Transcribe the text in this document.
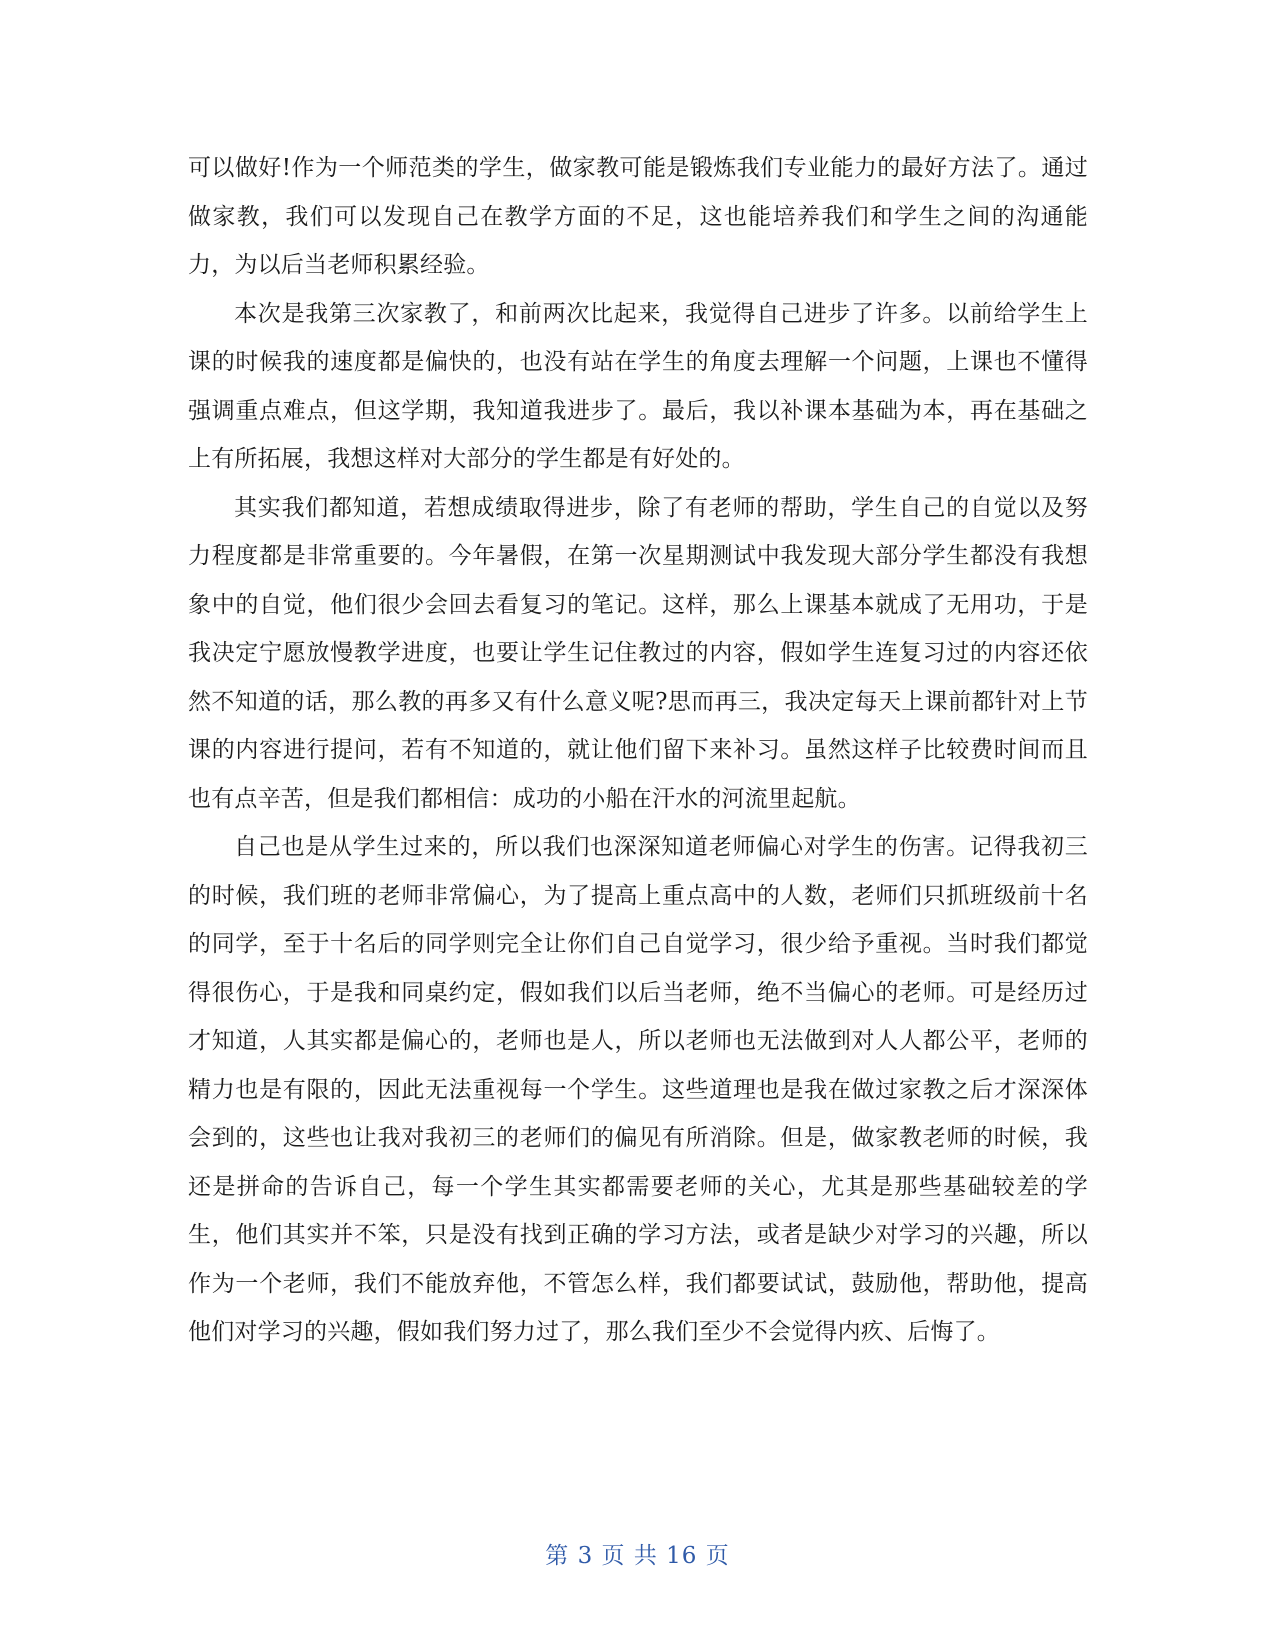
可以做好!作为一个师范类的学生，做家教可能是锻炼我们专业能力的最好方法了。通过做家教，我们可以发现自己在教学方面的不足，这也能培养我们和学生之间的沟通能力，为以后当老师积累经验。

本次是我第三次家教了，和前两次比起来，我觉得自己进步了许多。以前给学生上课的时候我的速度都是偏快的，也没有站在学生的角度去理解一个问题，上课也不懂得强调重点难点，但这学期，我知道我进步了。最后，我以补课本基础为本，再在基础之上有所拓展，我想这样对大部分的学生都是有好处的。

其实我们都知道，若想成绩取得进步，除了有老师的帮助，学生自己的自觉以及努力程度都是非常重要的。今年暑假，在第一次星期测试中我发现大部分学生都没有我想象中的自觉，他们很少会回去看复习的笔记。这样，那么上课基本就成了无用功，于是我决定宁愿放慢教学进度，也要让学生记住教过的内容，假如学生连复习过的内容还依然不知道的话，那么教的再多又有什么意义呢?思而再三，我决定每天上课前都针对上节课的内容进行提问，若有不知道的，就让他们留下来补习。虽然这样子比较费时间而且也有点辛苦，但是我们都相信：成功的小船在汗水的河流里起航。

自己也是从学生过来的，所以我们也深深知道老师偏心对学生的伤害。记得我初三的时候，我们班的老师非常偏心，为了提高上重点高中的人数，老师们只抓班级前十名的同学，至于十名后的同学则完全让你们自己自觉学习，很少给予重视。当时我们都觉得很伤心，于是我和同桌约定，假如我们以后当老师，绝不当偏心的老师。可是经历过才知道，人其实都是偏心的，老师也是人，所以老师也无法做到对人人都公平，老师的精力也是有限的，因此无法重视每一个学生。这些道理也是我在做过家教之后才深深体会到的，这些也让我对我初三的老师们的偏见有所消除。但是，做家教老师的时候，我还是拼命的告诉自己，每一个学生其实都需要老师的关心，尤其是那些基础较差的学生，他们其实并不笨，只是没有找到正确的学习方法，或者是缺少对学习的兴趣，所以作为一个老师，我们不能放弃他，不管怎么样，我们都要试试，鼓励他，帮助他，提高他们对学习的兴趣，假如我们努力过了，那么我们至少不会觉得内疚、后悔了。

第 3 页 共 16 页
